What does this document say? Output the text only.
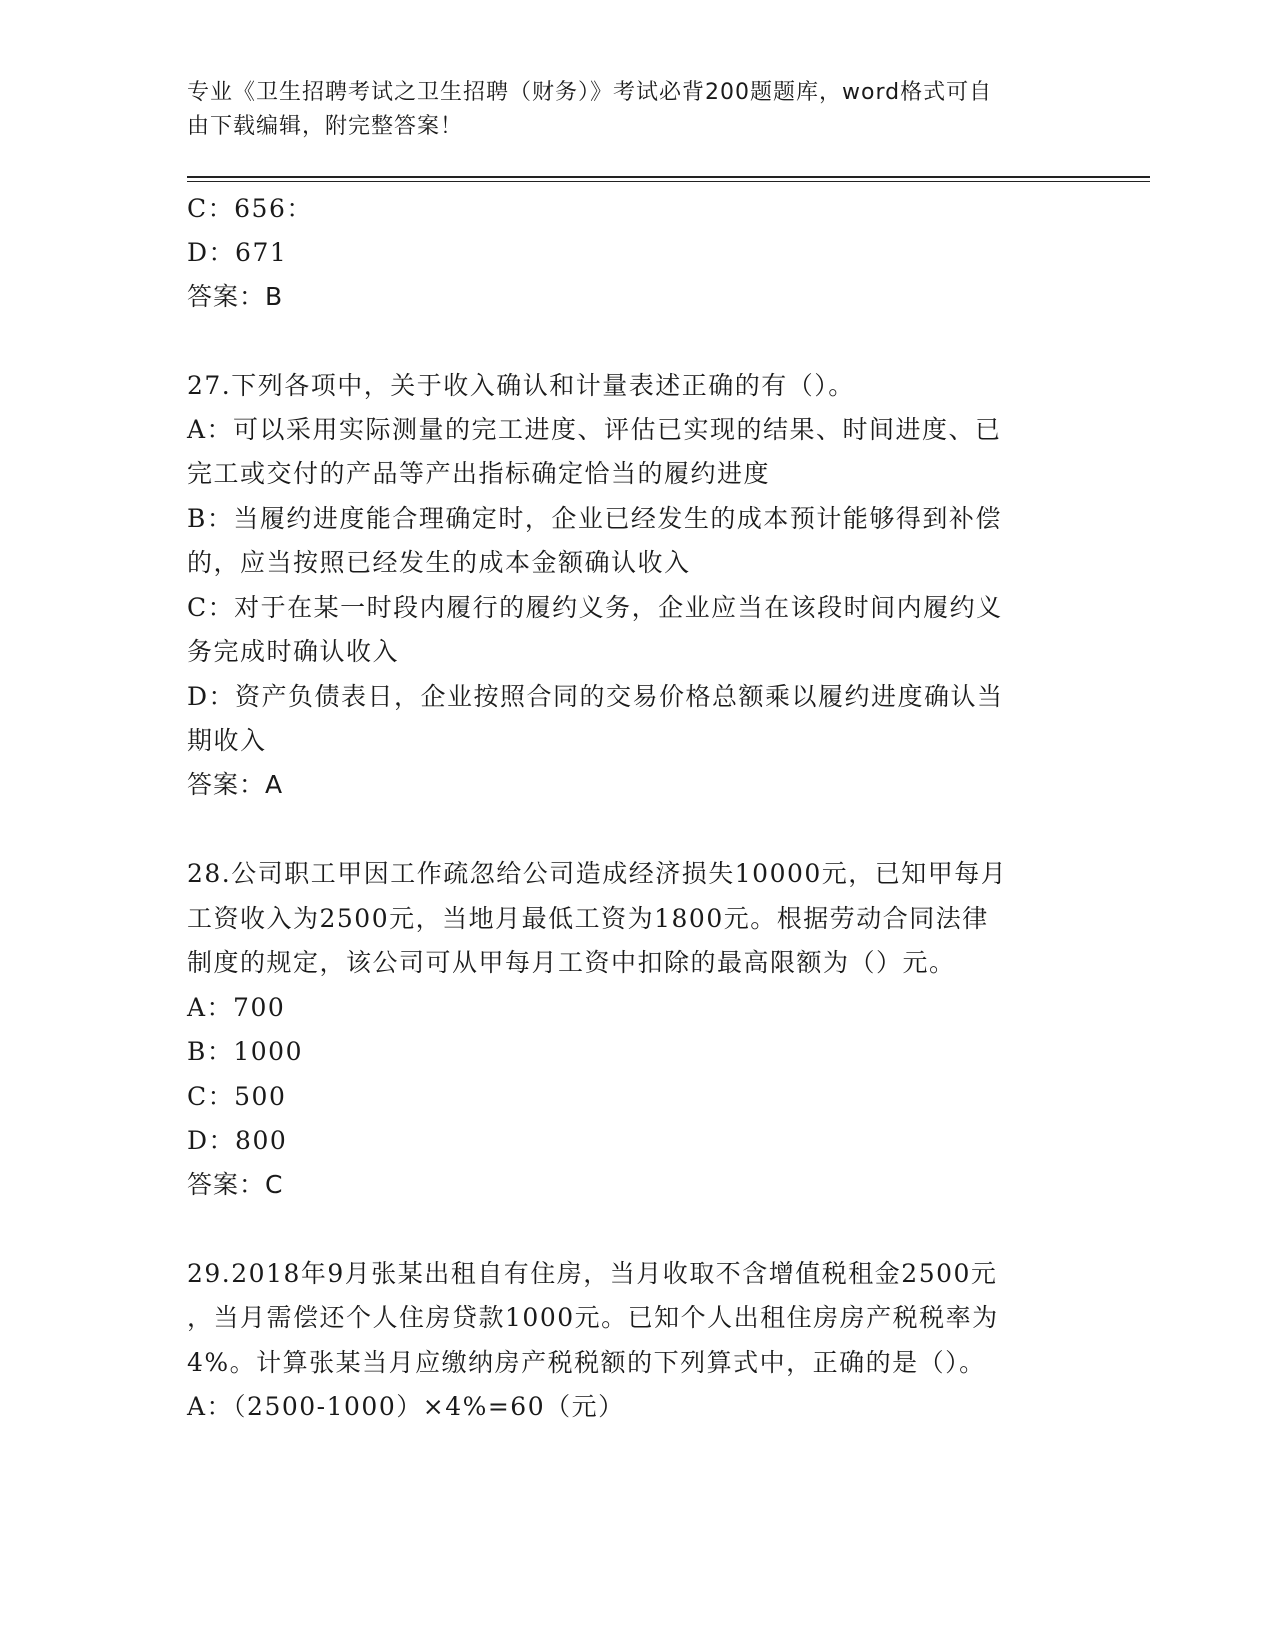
专业《卫生招聘考试之卫生招聘（财务）》考试必背200题题库，word格式可自
由下载编辑，附完整答案！
C：656：
D：671
答案：B
27.下列各项中，关于收入确认和计量表述正确的有（）。
A：可以采用实际测量的完工进度、评估已实现的结果、时间进度、已
完工或交付的产品等产出指标确定恰当的履约进度
B：当履约进度能合理确定时，企业已经发生的成本预计能够得到补偿
的，应当按照已经发生的成本金额确认收入
C：对于在某一时段内履行的履约义务，企业应当在该段时间内履约义
务完成时确认收入
D：资产负债表日，企业按照合同的交易价格总额乘以履约进度确认当
期收入
答案：A
28.公司职工甲因工作疏忽给公司造成经济损失10000元，已知甲每月
工资收入为2500元，当地月最低工资为1800元。根据劳动合同法律
制度的规定，该公司可从甲每月工资中扣除的最高限额为（）元。
A：700
B：1000
C：500
D：800
答案：C
29.2018年9月张某出租自有住房，当月收取不含增值税租金2500元
，当月需偿还个人住房贷款1000元。已知个人出租住房房产税税率为
4%。计算张某当月应缴纳房产税税额的下列算式中，正确的是（）。
A：（2500-1000）×4%=60（元）
